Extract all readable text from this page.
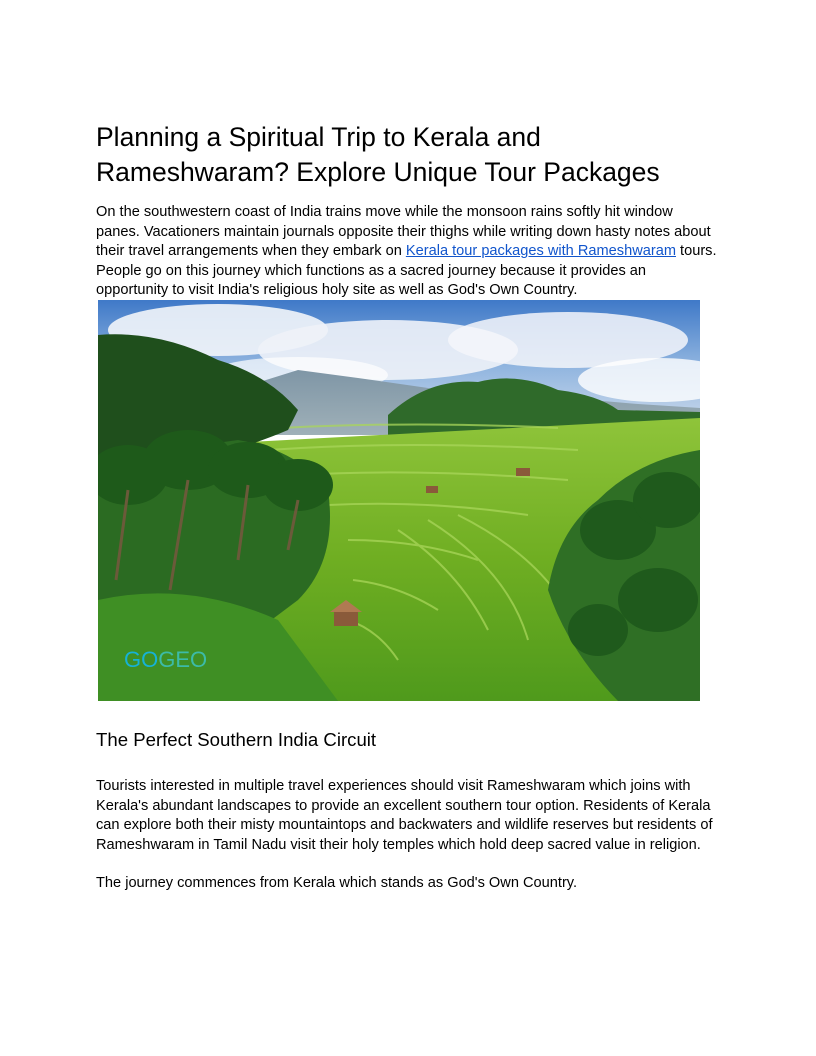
Planning a Spiritual Trip to Kerala and
Rameshwaram? Explore Unique Tour Packages

On the southwestern coast of India trains move while the monsoon rains softly hit window
panes. Vacationers maintain journals opposite their thighs while writing down hasty notes about
their travel arrangements when they embark on Kerala tour packages with Rameshwaram tours.
People go on this journey which functions as a sacred journey because it provides an
opportunity to visit India's religious holy site as well as God's Own Country.

GOGEO
The Perfect Southern India Circuit

Tourists interested in multiple travel experiences should visit Rameshwaram which joins with
Kerala's abundant landscapes to provide an excellent southern tour option. Residents of Kerala
can explore both their misty mountaintops and backwaters and wildlife reserves but residents of
Rameshwaram in Tamil Nadu visit their holy temples which hold deep sacred value in religion.

The journey commences from Kerala which stands as God's Own Country.
